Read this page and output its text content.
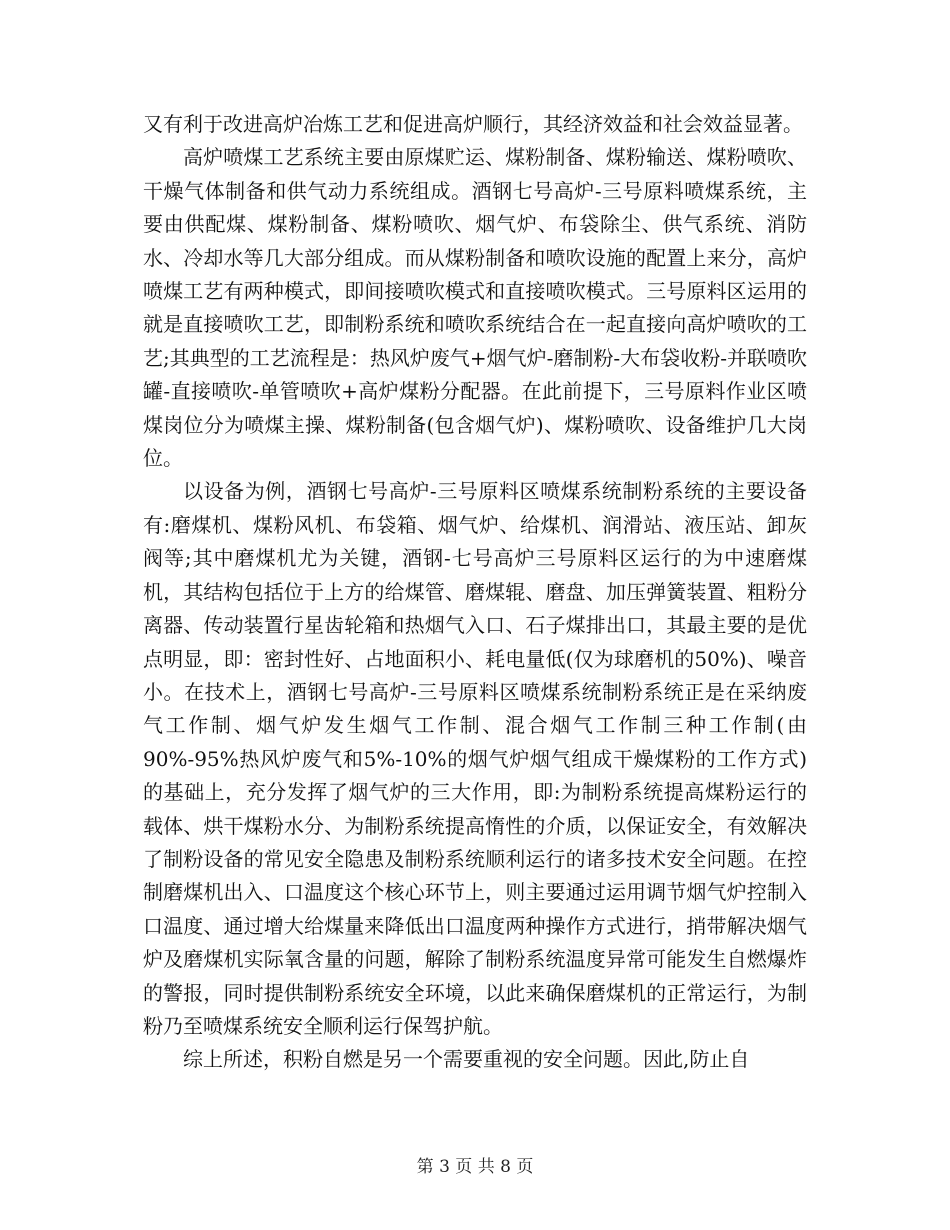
又有利于改进高炉冶炼工艺和促进高炉顺行，其经济效益和社会效益显著。

高炉喷煤工艺系统主要由原煤贮运、煤粉制备、煤粉输送、煤粉喷吹、干燥气体制备和供气动力系统组成。酒钢七号高炉-三号原料喷煤系统，主要由供配煤、煤粉制备、煤粉喷吹、烟气炉、布袋除尘、供气系统、消防水、冷却水等几大部分组成。而从煤粉制备和喷吹设施的配置上来分，高炉喷煤工艺有两种模式，即间接喷吹模式和直接喷吹模式。三号原料区运用的就是直接喷吹工艺，即制粉系统和喷吹系统结合在一起直接向高炉喷吹的工艺;其典型的工艺流程是：热风炉废气+烟气炉-磨制粉-大布袋收粉-并联喷吹罐-直接喷吹-单管喷吹+高炉煤粉分配器。在此前提下，三号原料作业区喷煤岗位分为喷煤主操、煤粉制备(包含烟气炉)、煤粉喷吹、设备维护几大岗位。

以设备为例，酒钢七号高炉-三号原料区喷煤系统制粉系统的主要设备有:磨煤机、煤粉风机、布袋箱、烟气炉、给煤机、润滑站、液压站、卸灰阀等;其中磨煤机尤为关键，酒钢-七号高炉三号原料区运行的为中速磨煤机，其结构包括位于上方的给煤管、磨煤辊、磨盘、加压弹簧装置、粗粉分离器、传动装置行星齿轮箱和热烟气入口、石子煤排出口，其最主要的是优点明显，即：密封性好、占地面积小、耗电量低(仅为球磨机的50%)、噪音小。在技术上，酒钢七号高炉-三号原料区喷煤系统制粉系统正是在采纳废气工作制、烟气炉发生烟气工作制、混合烟气工作制三种工作制(由90%-95%热风炉废气和5%-10%的烟气炉烟气组成干燥煤粉的工作方式)的基础上，充分发挥了烟气炉的三大作用，即:为制粉系统提高煤粉运行的载体、烘干煤粉水分、为制粉系统提高惰性的介质，以保证安全，有效解决了制粉设备的常见安全隐患及制粉系统顺利运行的诸多技术安全问题。在控制磨煤机出入、口温度这个核心环节上，则主要通过运用调节烟气炉控制入口温度、通过增大给煤量来降低出口温度两种操作方式进行，捎带解决烟气炉及磨煤机实际氧含量的问题，解除了制粉系统温度异常可能发生自燃爆炸的警报，同时提供制粉系统安全环境，以此来确保磨煤机的正常运行，为制粉乃至喷煤系统安全顺利运行保驾护航。

综上所述，积粉自燃是另一个需要重视的安全问题。因此,防止自

第 3 页 共 8 页
